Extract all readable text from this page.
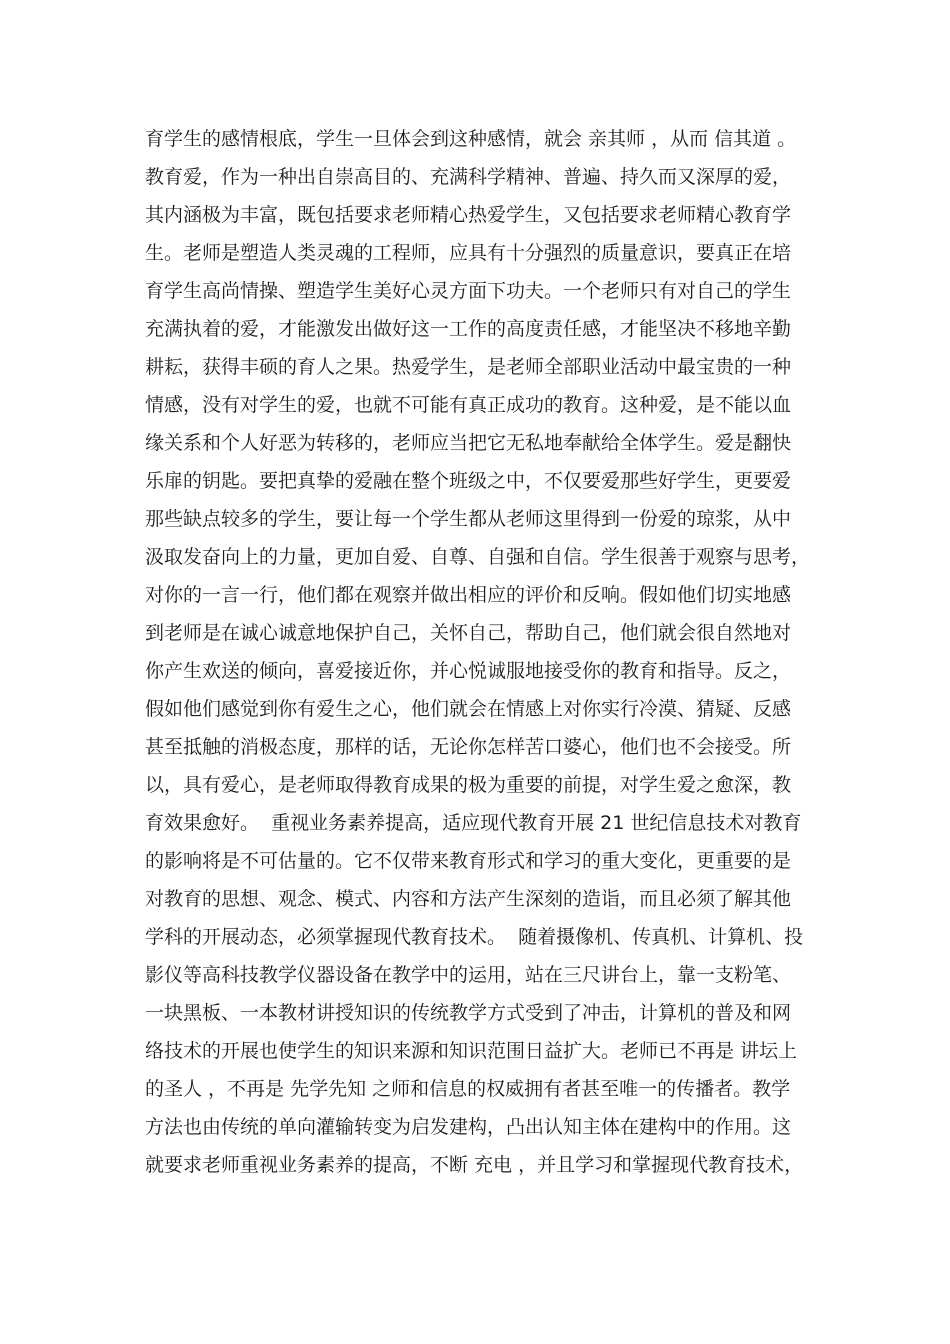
育学生的感情根底，学生一旦体会到这种感情，就会 亲其师 ，从而 信其道 。
教育爱，作为一种出自崇高目的、充满科学精神、普遍、持久而又深厚的爱，
其内涵极为丰富，既包括要求老师精心热爱学生，又包括要求老师精心教育学
生。老师是塑造人类灵魂的工程师，应具有十分强烈的质量意识，要真正在培
育学生高尚情操、塑造学生美好心灵方面下功夫。一个老师只有对自己的学生
充满执着的爱，才能激发出做好这一工作的高度责任感，才能坚决不移地辛勤
耕耘，获得丰硕的育人之果。热爱学生，是老师全部职业活动中最宝贵的一种
情感，没有对学生的爱，也就不可能有真正成功的教育。这种爱，是不能以血
缘关系和个人好恶为转移的，老师应当把它无私地奉献给全体学生。爱是翻快
乐扉的钥匙。要把真挚的爱融在整个班级之中，不仅要爱那些好学生，更要爱
那些缺点较多的学生，要让每一个学生都从老师这里得到一份爱的琼浆，从中
汲取发奋向上的力量，更加自爱、自尊、自强和自信。学生很善于观察与思考，
对你的一言一行，他们都在观察并做出相应的评价和反响。假如他们切实地感
到老师是在诚心诚意地保护自己，关怀自己，帮助自己，他们就会很自然地对
你产生欢送的倾向，喜爱接近你，并心悦诚服地接受你的教育和指导。反之，
假如他们感觉到你有爱生之心，他们就会在情感上对你实行冷漠、猜疑、反感
甚至抵触的消极态度，那样的话，无论你怎样苦口婆心，他们也不会接受。所
以，具有爱心，是老师取得教育成果的极为重要的前提，对学生爱之愈深，教
育效果愈好。  重视业务素养提高，适应现代教育开展 21 世纪信息技术对教育
的影响将是不可估量的。它不仅带来教育形式和学习的重大变化，更重要的是
对教育的思想、观念、模式、内容和方法产生深刻的造诣，而且必须了解其他
学科的开展动态，必须掌握现代教育技术。  随着摄像机、传真机、计算机、投
影仪等高科技教学仪器设备在教学中的运用，站在三尺讲台上，靠一支粉笔、
一块黑板、一本教材讲授知识的传统教学方式受到了冲击，计算机的普及和网
络技术的开展也使学生的知识来源和知识范围日益扩大。老师已不再是 讲坛上
的圣人 ，不再是 先学先知 之师和信息的权威拥有者甚至唯一的传播者。教学
方法也由传统的单向灌输转变为启发建构，凸出认知主体在建构中的作用。这
就要求老师重视业务素养的提高，不断 充电 ，并且学习和掌握现代教育技术，
